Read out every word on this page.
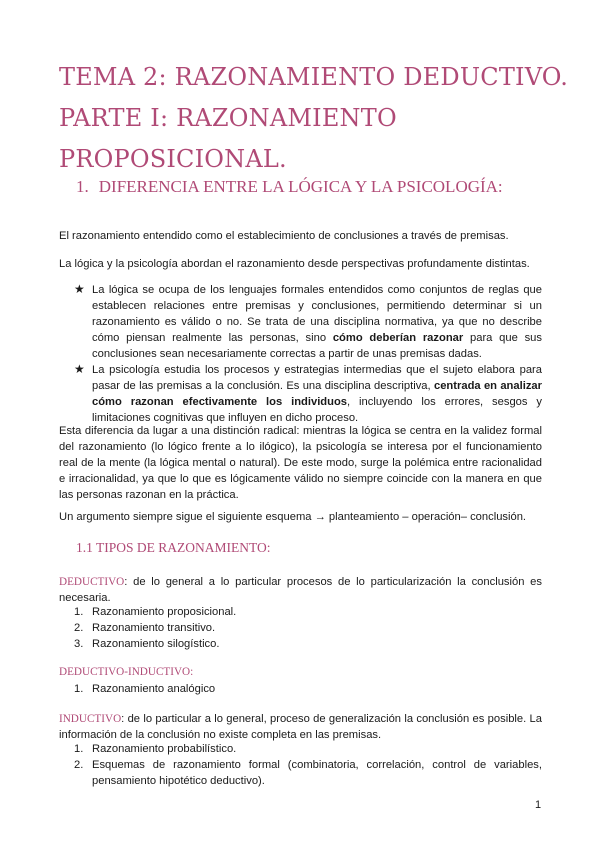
TEMA 2: RAZONAMIENTO DEDUCTIVO.
PARTE I: RAZONAMIENTO
PROPOSICIONAL.
1. DIFERENCIA ENTRE LA LÓGICA Y LA PSICOLOGÍA:
El razonamiento entendido como el establecimiento de conclusiones a través de premisas.
La lógica y la psicología abordan el razonamiento desde perspectivas profundamente distintas.
★ La lógica se ocupa de los lenguajes formales entendidos como conjuntos de reglas que establecen relaciones entre premisas y conclusiones, permitiendo determinar si un razonamiento es válido o no. Se trata de una disciplina normativa, ya que no describe cómo piensan realmente las personas, sino cómo deberían razonar para que sus conclusiones sean necesariamente correctas a partir de unas premisas dadas.
★ La psicología estudia los procesos y estrategias intermedias que el sujeto elabora para pasar de las premisas a la conclusión. Es una disciplina descriptiva, centrada en analizar cómo razonan efectivamente los individuos, incluyendo los errores, sesgos y limitaciones cognitivas que influyen en dicho proceso.
Esta diferencia da lugar a una distinción radical: mientras la lógica se centra en la validez formal del razonamiento (lo lógico frente a lo ilógico), la psicología se interesa por el funcionamiento real de la mente (la lógica mental o natural). De este modo, surge la polémica entre racionalidad e irracionalidad, ya que lo que es lógicamente válido no siempre coincide con la manera en que las personas razonan en la práctica.
Un argumento siempre sigue el siguiente esquema → planteamiento – operación– conclusión.
1.1 TIPOS DE RAZONAMIENTO:
DEDUCTIVO: de lo general a lo particular procesos de lo particularización la conclusión es necesaria.
1. Razonamiento proposicional.
2. Razonamiento transitivo.
3. Razonamiento silogístico.
DEDUCTIVO-INDUCTIVO:
1. Razonamiento analógico
INDUCTIVO: de lo particular a lo general, proceso de generalización la conclusión es posible. La información de la conclusión no existe completa en las premisas.
1. Razonamiento probabilístico.
2. Esquemas de razonamiento formal (combinatoria, correlación, control de variables, pensamiento hipotético deductivo).
1
